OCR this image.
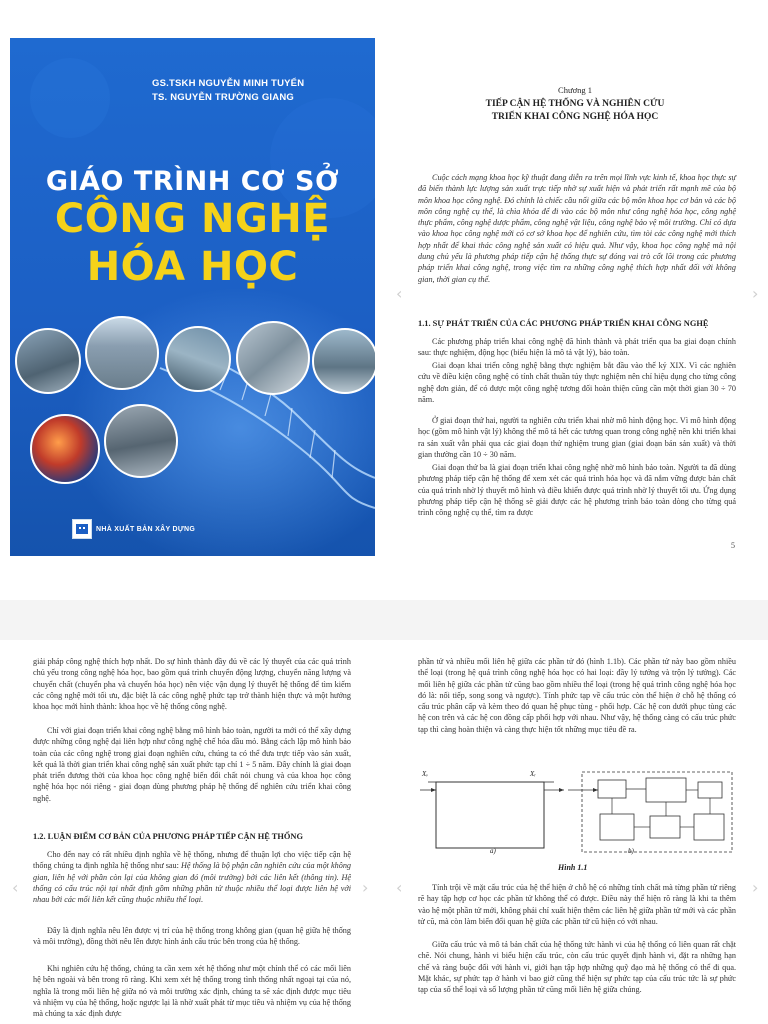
GS.TSKH NGUYỄN MINH TUYỂN
TS. NGUYỄN TRƯỜNG GIANG
GIÁO TRÌNH CƠ SỞ
CÔNG NGHỆ
HÓA HỌC
NHÀ XUẤT BẢN XÂY DỰNG
Chương 1
TIẾP CẬN HỆ THỐNG VÀ NGHIÊN CỨU
TRIỂN KHAI CÔNG NGHỆ HÓA HỌC

Cuộc cách mạng khoa học kỹ thuật đang diễn ra trên mọi lĩnh vực kinh tế, khoa học thực sự đã biến thành lực lượng sản xuất trực tiếp nhờ sự xuất hiện và phát triển rất mạnh mẽ của bộ môn khoa học công nghệ. Đó chính là chiếc cầu nối giữa các bộ môn khoa học cơ bản và các bộ môn công nghệ cụ thể, là chìa khóa để đi vào các bộ môn như công nghệ hóa học, công nghệ thực phẩm, công nghệ dược phẩm, công nghệ vật liệu, công nghệ bảo vệ môi trường. Chỉ có dựa vào khoa học công nghệ mới có cơ sở khoa học để nghiên cứu, tìm tòi các công nghệ mới thích hợp nhất để khai thác công nghệ sản xuất có hiệu quả. Như vậy, khoa học công nghệ mà nội dung chủ yếu là phương pháp tiếp cận hệ thống thực sự đóng vai trò cốt lõi trong các phương pháp triển khai công nghệ, trong việc tìm ra những công nghệ thích hợp nhất đối với không gian, thời gian cụ thể.

1.1. SỰ PHÁT TRIỂN CỦA CÁC PHƯƠNG PHÁP TRIỂN KHAI CÔNG NGHỆ

Các phương pháp triển khai công nghệ đã hình thành và phát triển qua ba giai đoạn chính sau: thực nghiệm, động học (biểu hiện là mô tả vật lý), bảo toàn.

Giai đoạn khai triển công nghệ bằng thực nghiệm bắt đầu vào thế kỷ XIX. Vì các nghiên cứu về điều kiện công nghệ có tính chất thuần túy thực nghiệm nên chỉ hiệu dụng cho từng công nghệ đơn giản, để có được một công nghệ tương đối hoàn thiện cũng cần một thời gian 30 ÷ 70 năm.

Ở giai đoạn thứ hai, người ta nghiên cứu triển khai nhờ mô hình động học. Vì mô hình động học (gồm mô hình vật lý) không thể mô tả hết các tương quan trong công nghệ nên khi triển khai ra sản xuất vẫn phải qua các giai đoạn thử nghiệm trung gian (giai đoạn bán sản xuất) và thời gian thường cần 10 ÷ 30 năm.

Giai đoạn thứ ba là giai đoạn triển khai công nghệ nhờ mô hình bảo toàn. Người ta đã dùng phương pháp tiếp cận hệ thống để xem xét các quá trình hóa học và đã nắm vững được bản chất của quá trình nhờ lý thuyết mô hình và điều khiển được quá trình nhờ lý thuyết tối ưu. Ứng dụng phương pháp tiếp cận hệ thống sẽ giải được các hệ phương trình bảo toàn dòng cho từng quá trình công nghệ cụ thể, tìm ra được

5
‹	›

giải pháp công nghệ thích hợp nhất. Do sự hình thành đầy đủ về các lý thuyết của các quá trình chủ yếu trong công nghệ hóa học, bao gồm quá trình chuyển động lượng, chuyển năng lượng và chuyển chất (chuyển pha và chuyển hóa học) nên việc vận dụng lý thuyết hệ thống để tìm kiếm các công nghệ mới tối ưu, đặc biệt là các công nghệ phức tạp trở thành hiện thực và một hướng khoa học mới hình thành: khoa học về hệ thống công nghệ.

Chỉ với giai đoạn triển khai công nghệ bằng mô hình bảo toàn, người ta mới có thể xây dựng được những công nghệ đại liên hợp như công nghệ chế hóa dầu mỏ. Bằng cách lập mô hình bảo toàn của các công nghệ trong giai đoạn nghiên cứu, chúng ta có thể đưa trực tiếp vào sản xuất, kết quả là thời gian triển khai công nghệ sản xuất phức tạp chỉ 1 ÷ 5 năm. Đây chính là giai đoạn phát triển đương thời của khoa học công nghệ biến đổi chất nói chung và của khoa học công nghệ hóa học nói riêng - giai đoạn dùng phương pháp hệ thống để nghiên cứu triển khai công nghệ.

1.2. LUẬN ĐIỂM CƠ BẢN CỦA PHƯƠNG PHÁP TIẾP CẬN HỆ THỐNG

Cho đến nay có rất nhiều định nghĩa về hệ thống, nhưng để thuận lợi cho việc tiếp cận hệ thống chúng ta định nghĩa hệ thống như sau: Hệ thống là bộ phận cần nghiên cứu của một không gian, liên hệ với phần còn lại của không gian đó (môi trường) bởi các liên kết (thông tin). Hệ thống có cấu trúc nội tại nhất định gồm những phần tử thuộc nhiều thể loại được liên hệ với nhau bởi các mối liên kết cũng thuộc nhiều thể loại.

Đây là định nghĩa nêu lên được vị trí của hệ thống trong không gian (quan hệ giữa hệ thống và môi trường), đồng thời nêu lên được hình ảnh cấu trúc bên trong của hệ thống.

Khi nghiên cứu hệ thống, chúng ta cần xem xét hệ thống như một chỉnh thể có các mối liên hệ bên ngoài và bên trong rõ ràng. Khi xem xét hệ thống trong tình thống nhất ngoại tại của nó, nghĩa là trong mối liên hệ giữa nó và môi trường xác định, chúng ta sẽ xác định được mục tiêu và nhiệm vụ của hệ thống, hoặc ngược lại là nhờ xuất phát từ mục tiêu và nhiệm vụ của hệ thống mà chúng ta xác định được

phần tử và nhiều mối liên hệ giữa các phần tử đó (hình 1.1b). Các phần tử này bao gồm nhiều thể loại (trong hệ quá trình công nghệ hóa học có hai loại: đầy lý tưởng và trộn lý tưởng). Các mối liên hệ giữa các phần tử cũng bao gồm nhiều thể loại (trong hệ quá trình công nghệ hóa học đó là: nối tiếp, song song và ngược). Tính phức tạp về cấu trúc còn thể hiện ở chỗ hệ thống có cấu trúc phân cấp và kèm theo đó quan hệ phục tùng - phối hợp. Các hệ con dưới phục tùng các hệ con trên và các hệ con đồng cấp phối hợp với nhau. Như vậy, hệ thống càng có cấu trúc phức tạp thì càng hoàn thiện và càng thực hiện tốt những mục tiêu đề ra.

Xᵥ	Xᵣ
a)	b)
Hình 1.1

Tính trội về mặt cấu trúc của hệ thể hiện ở chỗ hệ có những tính chất mà từng phần tử riêng rẽ hay tập hợp cơ học các phần tử không thể có được. Điều này thể hiện rõ ràng là khi ta thêm vào hệ một phần tử mới, không phải chỉ xuất hiện thêm các liên hệ giữa phần tử mới và các phần tử cũ, mà còn làm biến đổi quan hệ giữa các phần tử cũ hiện có với nhau.

Giữa cấu trúc và mô tả bản chất của hệ thống tức hành vi của hệ thống có liên quan rất chặt chẽ. Nói chung, hành vi biểu hiện cấu trúc, còn cấu trúc quyết định hành vi, đặt ra những hạn chế và ràng buộc đối với hành vi, giới hạn tập hợp những quỹ đạo mà hệ thống có thể đi qua. Mặt khác, sự phức tạp ở hành vi bao giờ cũng thể hiện sự phức tạp của cấu trúc tức là sự phức tạp của số thể loại và số lượng phần tử cũng mối liên hệ giữa chúng.

‹	› ‹	›
